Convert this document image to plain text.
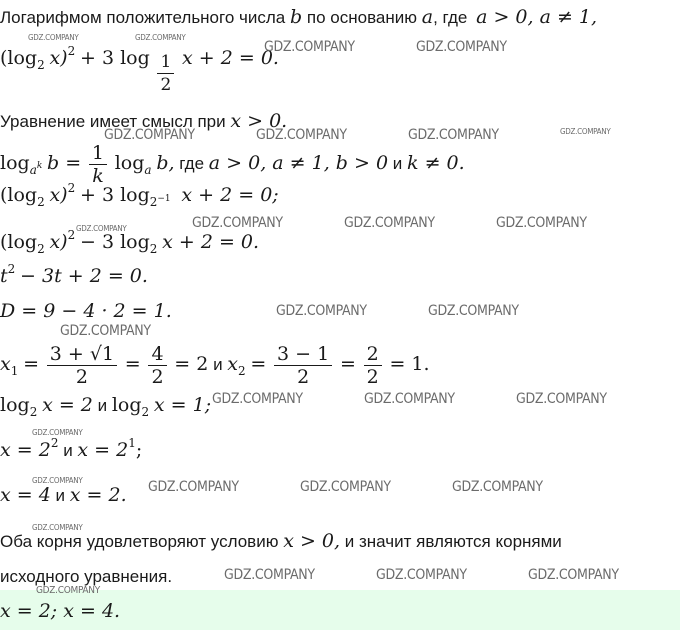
Логарифмом положительного числа b по основанию a, где a > 0, a ≠ 1,
($\log_2$ x)$^2$ + 3 $\log \frac{1}{2}$ x + 2 = 0.
Уравнение имеет смысл при x > 0.
$\log_{a^k} b = \frac{1}{k} \log_a b$, где a > 0, a ≠ 1, b > 0 и k ≠ 0.
($\log_2$ x)$^2$ + 3 $\log_{2^{-1}} x + 2 = 0$;
($\log_2$ x)$^2$ − 3 $\log_2 x + 2 = 0$.
$t^2 - 3t + 2 = 0$.
D = 9 − 4 · 2 = 1.
$x_1 = \frac{3 + √1}{2} = \frac{4}{2} = 2$ и $x_2 = \frac{3 - 1}{2} = \frac{2}{2} = 1$.
$\log_2 x = 2$ и $\log_2 x = 1$;
$x = 2^2$ и $x = 2^1$;
x = 4 и x = 2.
Оба корня удовлетворяют условию x > 0, и значит являются корнями
исходного уравнения.
x = 2; x = 4.
GDZ.COMPANY	GDZ.COMPANY
GDZ.COMPANY	GDZ.COMPANY
GDZ.COMPANY	GDZ.COMPANY	GDZ.COMPANY	GDZ.COMPANY
GDZ.COMPANY	GDZ.COMPANY	GDZ.COMPANY	GDZ.COMPANY
GDZ.COMPANY	GDZ.COMPANY
GDZ.COMPANY
GDZ.COMPANY	GDZ.COMPANY	GDZ.COMPANY
GDZ.COMPANY
GDZ.COMPANY	GDZ.COMPANY	GDZ.COMPANY	GDZ.COMPANY
GDZ.COMPANY
GDZ.COMPANY	GDZ.COMPANY	GDZ.COMPANY
GDZ.COMPANY
